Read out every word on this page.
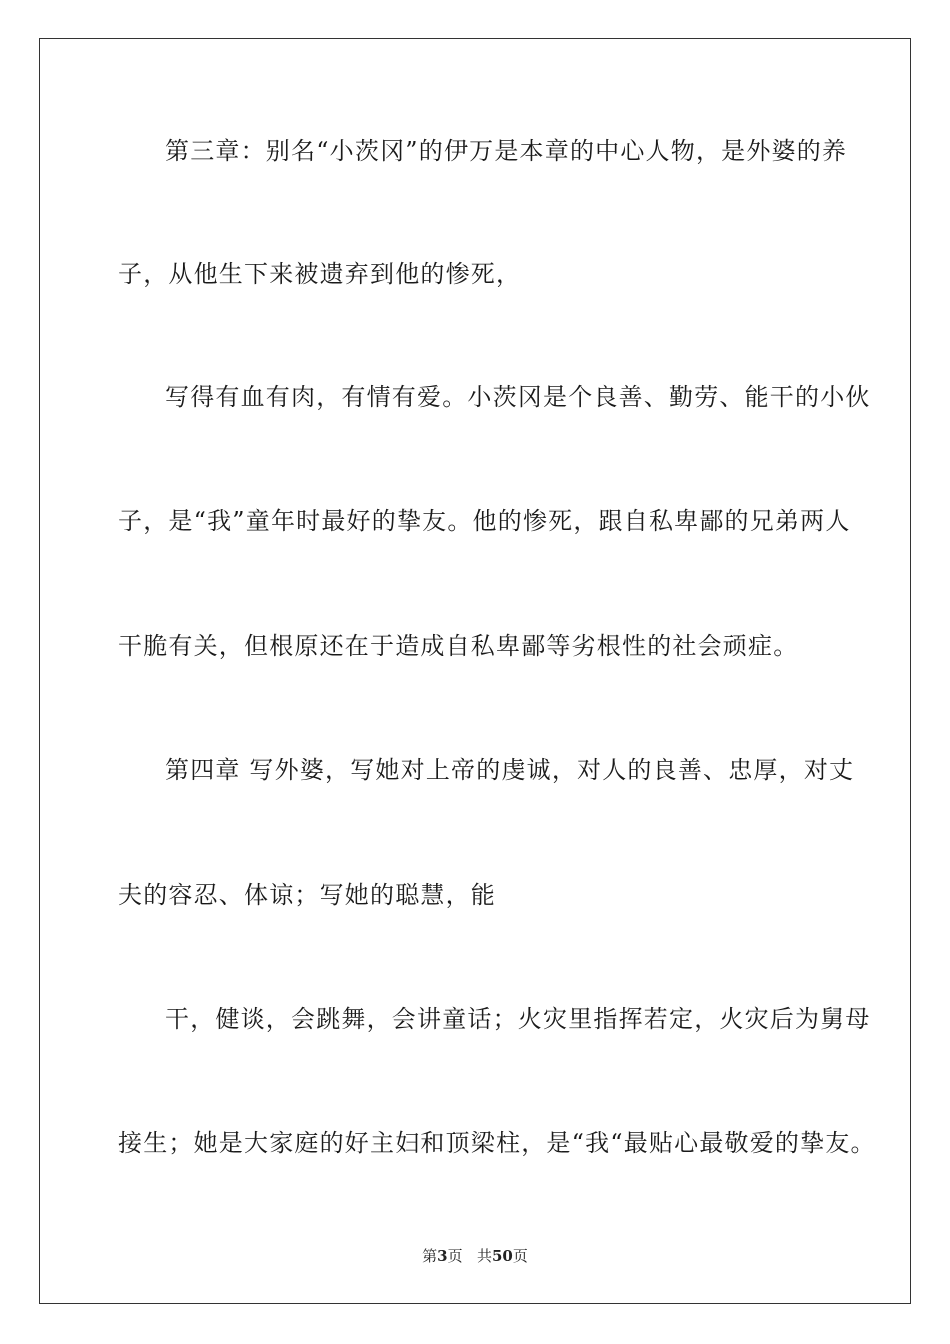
第三章：别名“小茨冈”的伊万是本章的中心人物，是外婆的养
子，从他生下来被遗弃到他的惨死，
写得有血有肉，有情有爱。小茨冈是个良善、勤劳、能干的小伙
子，是“我”童年时最好的挚友。他的惨死，跟自私卑鄙的兄弟两人
干脆有关，但根原还在于造成自私卑鄙等劣根性的社会顽症。
第四章 写外婆，写她对上帝的虔诚，对人的良善、忠厚，对丈
夫的容忍、体谅；写她的聪慧，能
干，健谈，会跳舞，会讲童话；火灾里指挥若定，火灾后为舅母
接生；她是大家庭的好主妇和顶梁柱，是“我“最贴心最敬爱的挚友。
第3页 共50页
